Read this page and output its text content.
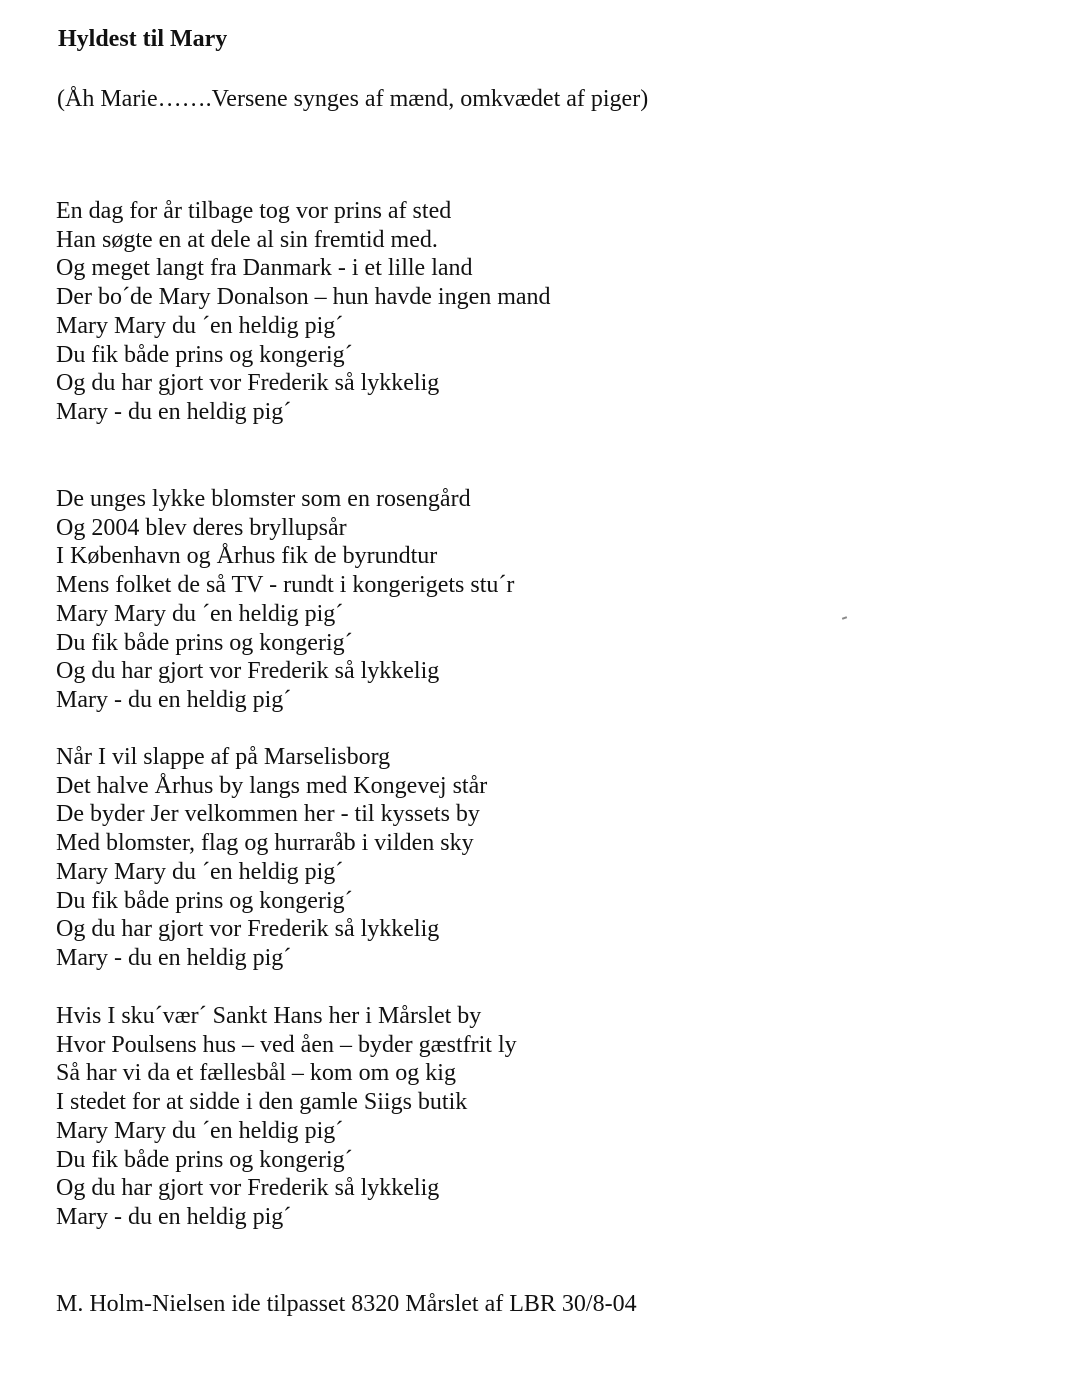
Hyldest til Mary
(Åh Marie…….Versene synges af mænd, omkvædet af piger)
En dag for år tilbage tog vor prins af sted
Han søgte en at dele al sin fremtid med.
Og meget langt fra Danmark - i et lille land
Der bo´de Mary Donalson – hun havde ingen mand
Mary Mary du ´en heldig pig´
Du fik både prins og kongerig´
Og du har gjort vor Frederik så lykkelig
Mary - du en heldig pig´
De unges lykke blomster som en rosengård
Og 2004 blev deres bryllupsår
I København og Århus fik de byrundtur
Mens folket de så TV - rundt i kongerigets stu´r
Mary Mary du ´en heldig pig´
Du fik både prins og kongerig´
Og du har gjort vor Frederik så lykkelig
Mary - du en heldig pig´
Når I vil slappe af på Marselisborg
Det halve Århus by langs med Kongevej står
De byder Jer velkommen her - til kyssets by
Med blomster, flag og hurraråb i vilden sky
Mary Mary du ´en heldig pig´
Du fik både prins og kongerig´
Og du har gjort vor Frederik så lykkelig
Mary - du en heldig pig´
Hvis I sku´vær´ Sankt Hans her i Mårslet by
Hvor Poulsens hus – ved åen – byder gæstfrit ly
Så har vi da et fællesbål – kom om og kig
I stedet for at sidde i den gamle Siigs butik
Mary Mary du ´en heldig pig´
Du fik både prins og kongerig´
Og du har gjort vor Frederik så lykkelig
Mary - du en heldig pig´
M. Holm-Nielsen ide tilpasset 8320 Mårslet af LBR 30/8-04
